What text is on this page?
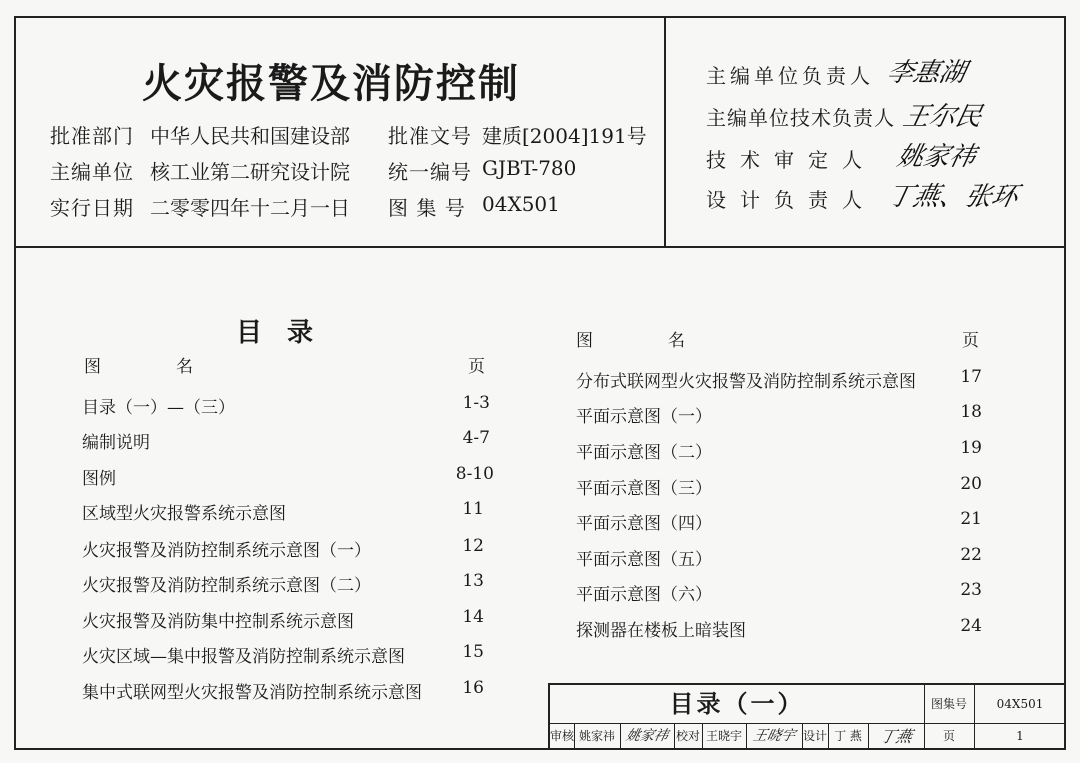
火灾报警及消防控制
批准部门 中华人民共和国建设部 批准文号 建质[2004]191号
主编单位 核工业第二研究设计院 统一编号 GJBT-780
实行日期 二零零四年十二月一日 图 集 号 04X501
主编单位负责人 李惠湖
主编单位技术负责人 王尔民
技术审定人 姚家祎
设计负责人 丁燕、张环
目 录
图　　　名	页
图　　　名	页
目录（一）—（三）	1-3
编制说明	4-7
图例	8-10
区域型火灾报警系统示意图	11
火灾报警及消防控制系统示意图（一）	12
火灾报警及消防控制系统示意图（二）	13
火灾报警及消防集中控制系统示意图	14
火灾区域—集中报警及消防控制系统示意图	15
集中式联网型火灾报警及消防控制系统示意图	16
分布式联网型火灾报警及消防控制系统示意图	17
平面示意图（一）	18
平面示意图（二）	19
平面示意图（三）	20
平面示意图（四）	21
平面示意图（五）	22
平面示意图（六）	23
探测器在楼板上暗装图	24
目录（一）	图集号	04X501
审核 姚家祎 姚家祎 校对 王晓宇 王晓宇 设计 丁 燕	丁燕	页	1
